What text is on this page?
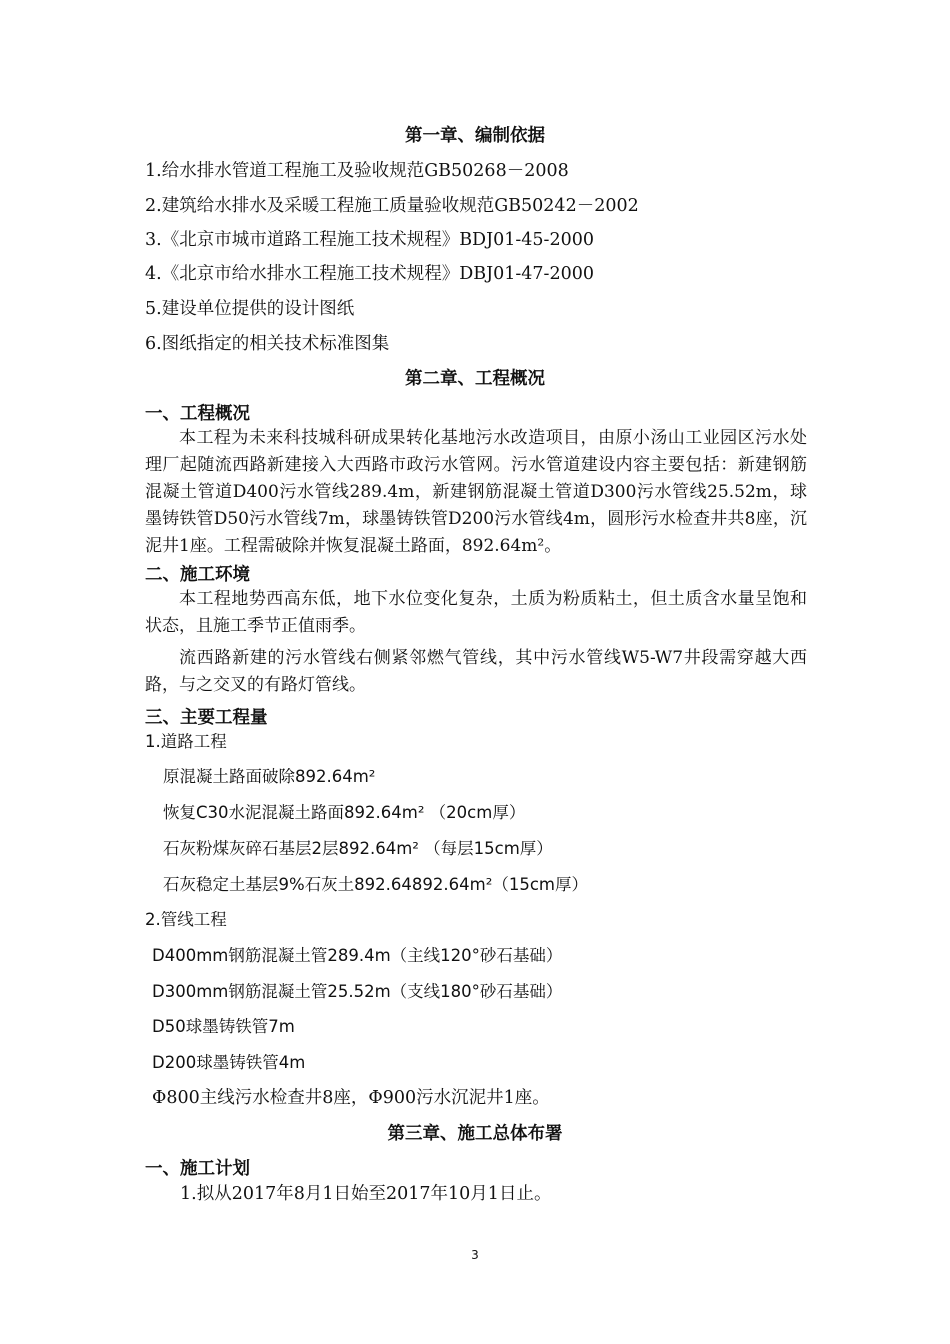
第一章、编制依据
1.给水排水管道工程施工及验收规范GB50268－2008
2.建筑给水排水及采暖工程施工质量验收规范GB50242－2002
3.《北京市城市道路工程施工技术规程》BDJ01-45-2000
4.《北京市给水排水工程施工技术规程》DBJ01-47-2000
5.建设单位提供的设计图纸
6.图纸指定的相关技术标准图集
第二章、工程概况
一、工程概况
本工程为未来科技城科研成果转化基地污水改造项目，由原小汤山工业园区污水处理厂起随流西路新建接入大西路市政污水管网。污水管道建设内容主要包括：新建钢筋混凝土管道D400污水管线289.4m，新建钢筋混凝土管道D300污水管线25.52m，球墨铸铁管D50污水管线7m，球墨铸铁管D200污水管线4m，圆形污水检查井共8座，沉泥井1座。工程需破除并恢复混凝土路面，892.64m²。
二、施工环境
本工程地势西高东低，地下水位变化复杂，土质为粉质粘土，但土质含水量呈饱和状态，且施工季节正值雨季。
流西路新建的污水管线右侧紧邻燃气管线，其中污水管线W5-W7井段需穿越大西路，与之交叉的有路灯管线。
三、主要工程量
1.道路工程
原混凝土路面破除892.64m²
恢复C30水泥混凝土路面892.64m² （20cm厚）
石灰粉煤灰碎石基层2层892.64m² （每层15cm厚）
石灰稳定土基层9%石灰土892.64892.64m²（15cm厚）
2.管线工程
D400mm钢筋混凝土管289.4m（主线120°砂石基础）
D300mm钢筋混凝土管25.52m（支线180°砂石基础）
D50球墨铸铁管7m
D200球墨铸铁管4m
Φ800主线污水检查井8座，Φ900污水沉泥井1座。
第三章、施工总体布署
一、施工计划
1.拟从2017年8月1日始至2017年10月1日止。
3
